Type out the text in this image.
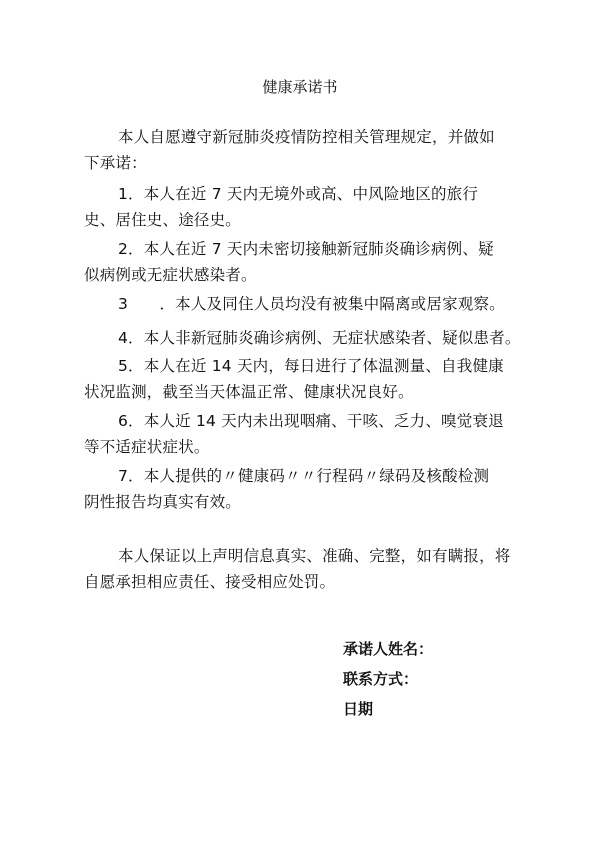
健康承诺书
本人自愿遵守新冠肺炎疫情防控相关管理规定，并做如
下承诺：
1．本人在近 7 天内无境外或高、中风险地区的旅行
史、居住史、途径史。
2．本人在近 7 天内未密切接触新冠肺炎确诊病例、疑
似病例或无症状感染者。
3　　．本人及同住人员均没有被集中隔离或居家观察。
4．本人非新冠肺炎确诊病例、无症状感染者、疑似患者。
5．本人在近 14 天内，每日进行了体温测量、自我健康
状况监测，截至当天体温正常、健康状况良好。
6．本人近 14 天内未出现咽痛、干咳、乏力、嗅觉衰退
等不适症状症状。
7．本人提供的〃健康码〃〃行程码〃绿码及核酸检测
阴性报告均真实有效。
本人保证以上声明信息真实、准确、完整，如有瞒报，将
自愿承担相应责任、接受相应处罚。
承诺人姓名：
联系方式：
日期
